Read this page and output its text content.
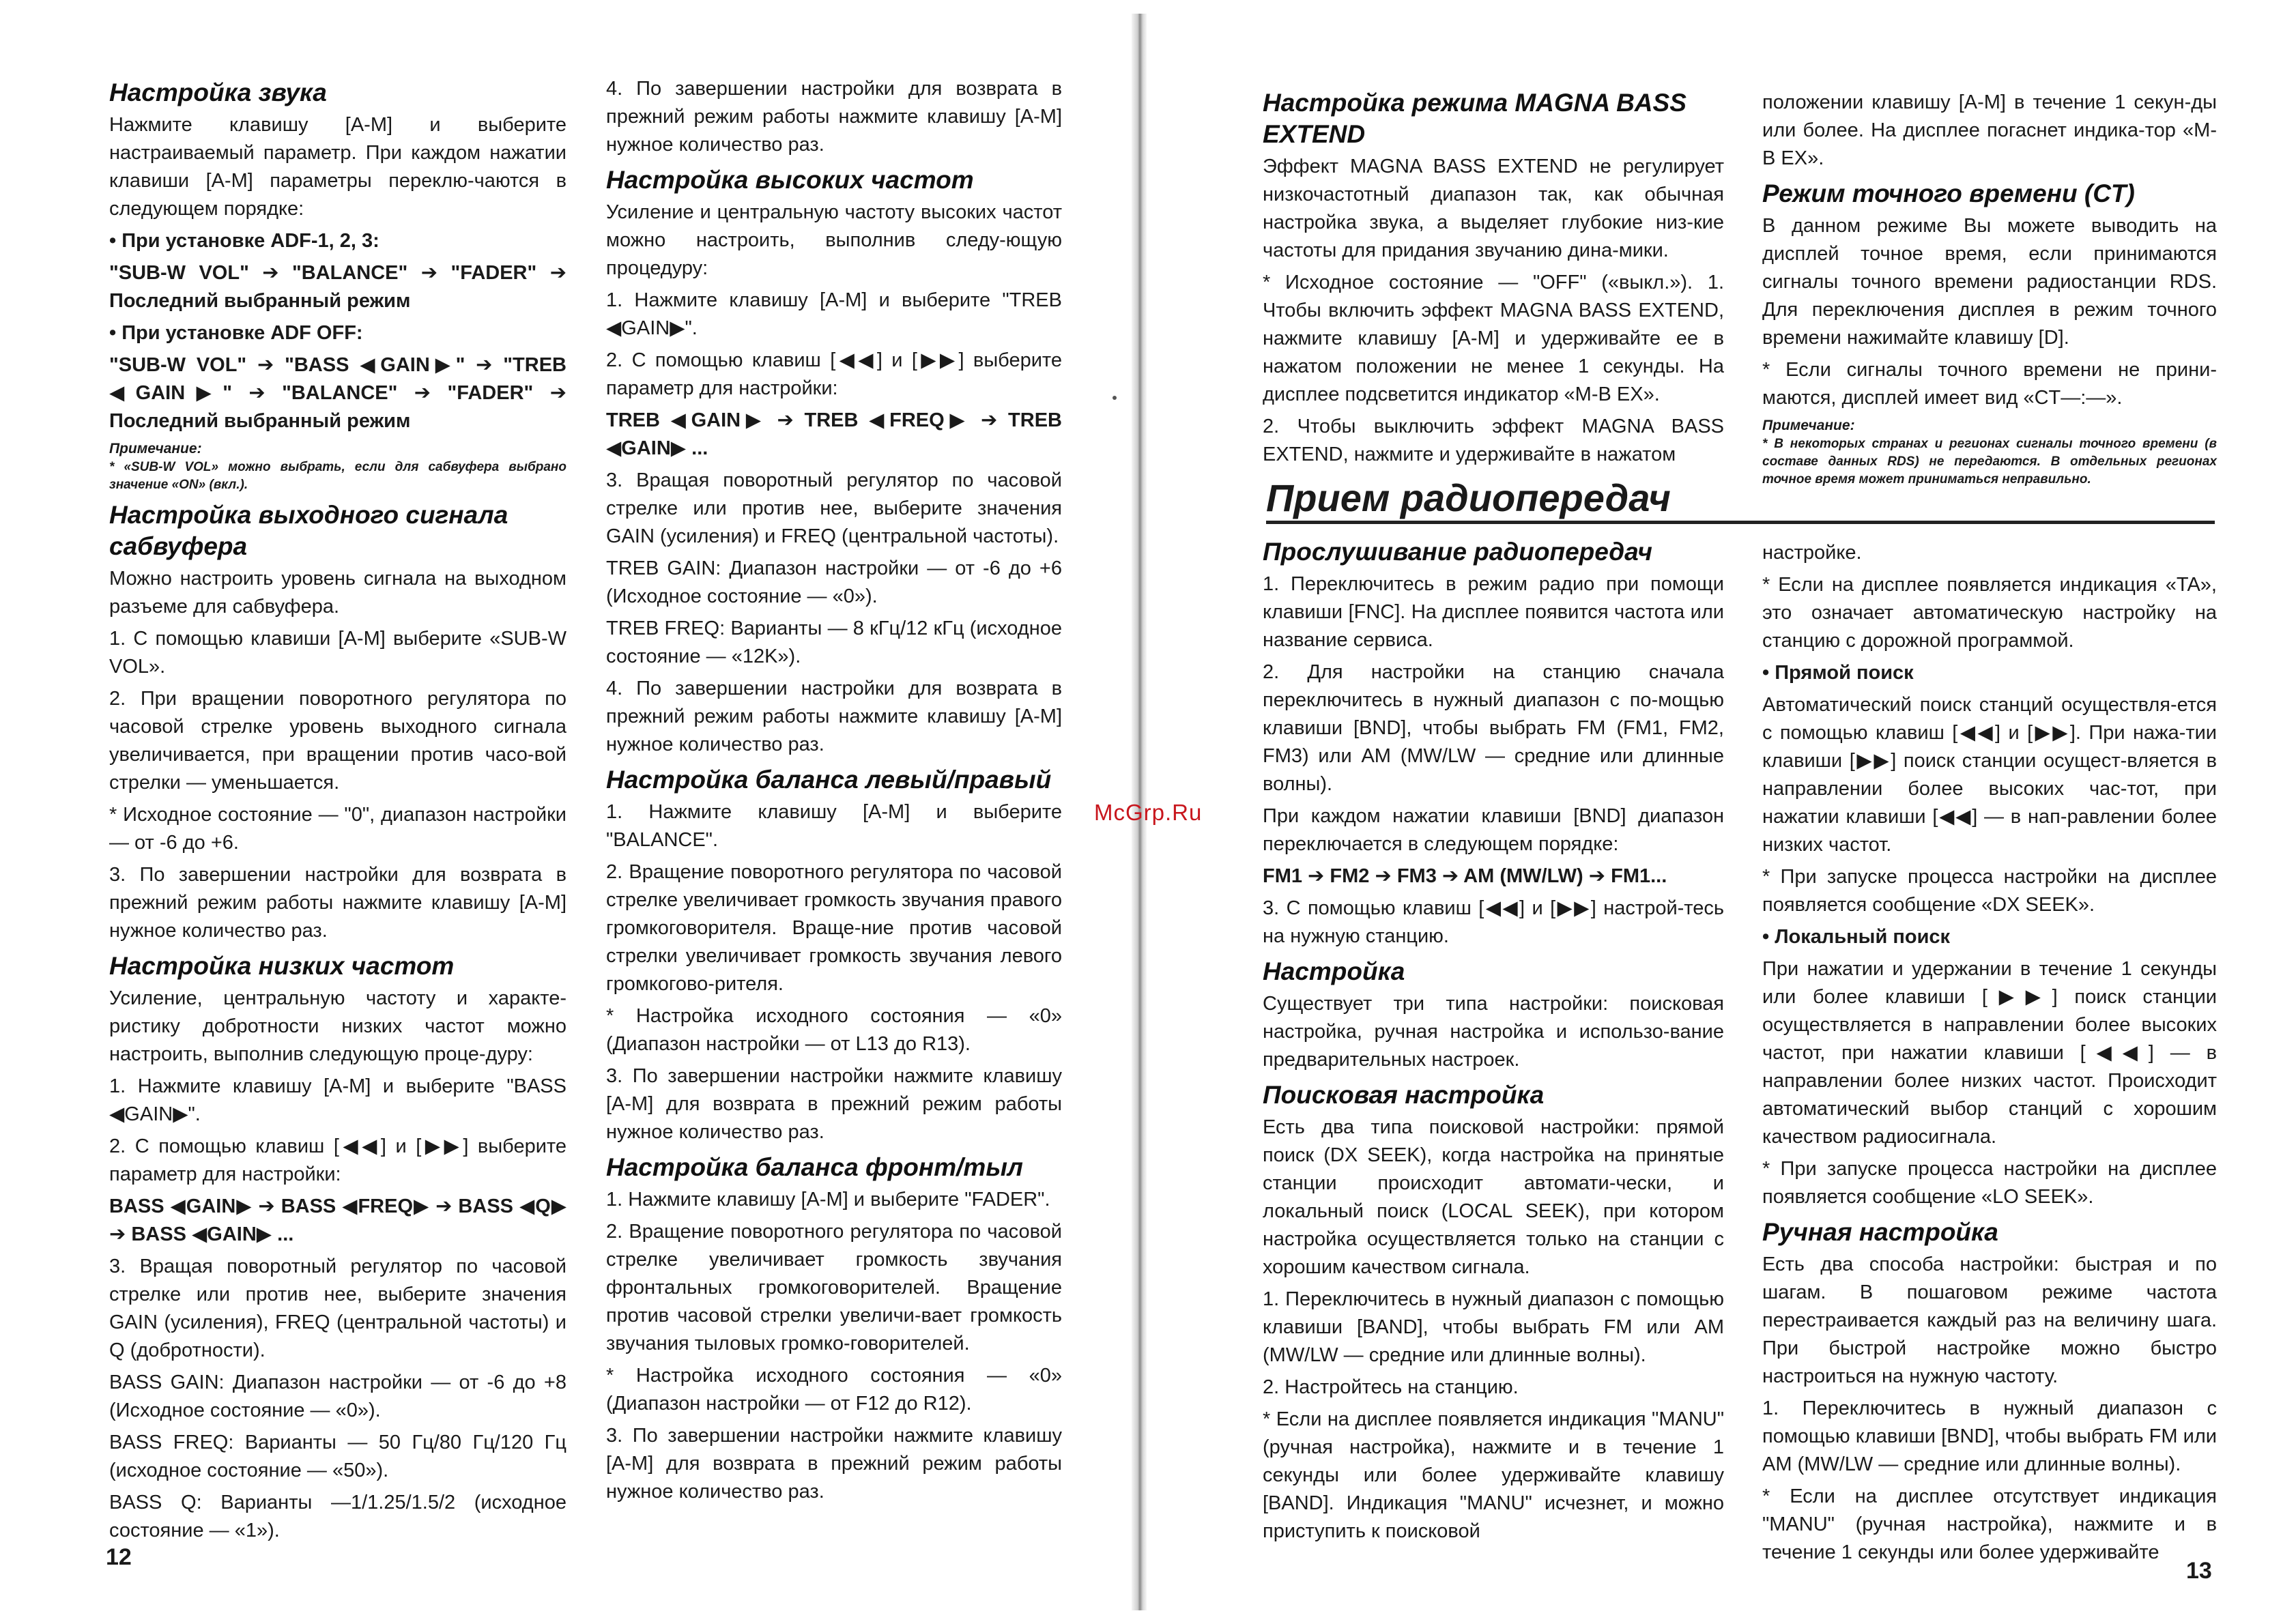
McGrp.Ru
Настройка звука

Нажмите клавишу [A-M] и выберите настраиваемый параметр. При каждом нажатии клавиши [A-M] параметры переклю-чаются в следующем порядке:

• При установке ADF-1, 2, 3:

"SUB-W VOL" ➔ "BALANCE" ➔ "FADER" ➔ Последний выбранный режим

• При установке ADF OFF:

"SUB-W VOL" ➔ "BASS ◀GAIN▶" ➔ "TREB ◀GAIN▶" ➔ "BALANCE" ➔ "FADER" ➔ Последний выбранный режим

Примечание:

* «SUB-W VOL» можно выбрать, если для сабвуфера выбрано значение «ON» (вкл.).

Настройка выходного сигнала сабвуфера

Можно настроить уровень сигнала на выходном разъеме для сабвуфера.

1. С помощью клавиши [A-M] выберите «SUB-W VOL».

2. При вращении поворотного регулятора по часовой стрелке уровень выходного сигнала увеличивается, при вращении против часо-вой стрелки — уменьшается.

* Исходное состояние — "0", диапазон настройки — от -6 до +6.

3. По завершении настройки для возврата в прежний режим работы нажмите клавишу [A-M] нужное количество раз.

Настройка низких частот

Усиление, центральную частоту и характе-ристику добротности низких частот можно настроить, выполнив следующую проце-дуру:

1. Нажмите клавишу [A-M] и выберите "BASS ◀GAIN▶".

2. С помощью клавиш [◀◀] и [▶▶] выберите параметр для настройки:

BASS ◀GAIN▶ ➔ BASS ◀FREQ▶ ➔ BASS ◀Q▶ ➔ BASS ◀GAIN▶ ...

3. Вращая поворотный регулятор по часовой стрелке или против нее, выберите значения GAIN (усиления), FREQ (центральной частоты) и Q (добротности).

BASS GAIN: Диапазон настройки — от -6 до +8 (Исходное состояние — «0»).

BASS FREQ: Варианты — 50 Гц/80 Гц/120 Гц (исходное состояние — «50»).

BASS Q: Варианты —1/1.25/1.5/2 (исходное состояние — «1»).

4. По завершении настройки для возврата в прежний режим работы нажмите клавишу [A-M] нужное количество раз.

Настройка высоких частот

Усиление и центральную частоту высоких частот можно настроить, выполнив следу-ющую процедуру:

1. Нажмите клавишу [A-M] и выберите "TREB ◀GAIN▶".

2. С помощью клавиш [◀◀] и [▶▶] выберите параметр для настройки:

TREB ◀GAIN▶ ➔ TREB ◀FREQ▶ ➔ TREB ◀GAIN▶ ...

3. Вращая поворотный регулятор по часовой стрелке или против нее, выберите значения GAIN (усиления) и FREQ (центральной частоты).

TREB GAIN: Диапазон настройки — от -6 до +6 (Исходное состояние — «0»).

TREB FREQ: Варианты — 8 кГц/12 кГц (исходное состояние — «12K»).

4. По завершении настройки для возврата в прежний режим работы нажмите клавишу [A-M] нужное количество раз.

Настройка баланса левый/правый

1. Нажмите клавишу [A-M] и выберите "BALANCE".

2. Вращение поворотного регулятора по часовой стрелке увеличивает громкость звучания правого громкоговорителя. Враще-ние против часовой стрелки увеличивает громкость звучания левого громкогово-рителя.

* Настройка исходного состояния — «0» (Диапазон настройки — от L13 до R13).

3. По завершении настройки нажмите клавишу [A-M] для возврата в прежний режим работы нужное количество раз.

Настройка баланса фронт/тыл

1. Нажмите клавишу [A-M] и выберите "FADER".

2. Вращение поворотного регулятора по часовой стрелке увеличивает громкость звучания фронтальных громкоговорителей. Вращение против часовой стрелки увеличи-вает громкость звучания тыловых громко-говорителей.

* Настройка исходного состояния — «0» (Диапазон настройки — от F12 до R12).

3. По завершении настройки нажмите клавишу [A-M] для возврата в прежний режим работы нужное количество раз.

12
Настройка режима MAGNA BASS EXTEND

Эффект MAGNA BASS EXTEND не регулирует низкочастотный диапазон так, как обычная настройка звука, а выделяет глубокие низ-кие частоты для придания звучанию дина-мики.

* Исходное состояние — "OFF" («выкл.»). 1. Чтобы включить эффект MAGNA BASS EXTEND, нажмите клавишу [A-M] и удерживайте ее в нажатом положении не менее 1 секунды. На дисплее подсветится индикатор «M-B EX».

2. Чтобы выключить эффект MAGNA BASS EXTEND, нажмите и удерживайте в нажатом

положении клавишу [A-M] в течение 1 секун-ды или более. На дисплее погаснет индика-тор «M-B EX».

Режим точного времени (CT)

В данном режиме Вы можете выводить на дисплей точное время, если принимаются сигналы точного времени радиостанции RDS. Для переключения дисплея в режим точного времени нажимайте клавишу [D].

* Если сигналы точного времени не прини-маются, дисплей имеет вид «CT—:—».

Примечание:

* В некоторых странах и регионах сигналы точного времени (в составе данных RDS) не передаются. В отдельных регионах точное время может приниматься неправильно.

Прием радиопередач
Прослушивание радиопередач

1. Переключитесь в режим радио при помощи клавиши [FNC]. На дисплее появится частота или название сервиса.

2. Для настройки на станцию сначала переключитесь в нужный диапазон с по-мощью клавиши [BND], чтобы выбрать FM (FM1, FM2, FM3) или AM (MW/LW — средние или длинные волны).

При каждом нажатии клавиши [BND] диапазон переключается в следующем порядке:

FM1 ➔ FM2 ➔ FM3 ➔ AM (MW/LW) ➔ FM1...

3. С помощью клавиш [◀◀] и [▶▶] настрой-тесь на нужную станцию.

Настройка

Существует три типа настройки: поисковая настройка, ручная настройка и использо-вание предварительных настроек.

Поисковая настройка

Есть два типа поисковой настройки: прямой поиск (DX SEEK), когда настройка на принятые станции происходит автомати-чески, и локальный поиск (LOCAL SEEK), при котором настройка осуществляется только на станции с хорошим качеством сигнала.

1. Переключитесь в нужный диапазон с помощью клавиши [BAND], чтобы выбрать FM или AM (MW/LW — средние или длинные волны).

2. Настройтесь на станцию.

* Если на дисплее появляется индикация "MANU" (ручная настройка), нажмите и в течение 1 секунды или более удерживайте клавишу [BAND]. Индикация "MANU" исчезнет, и можно приступить к поисковой

настройке.

* Если на дисплее появляется индикация «TA», это означает автоматическую настройку на станцию с дорожной программой.

• Прямой поиск

Автоматический поиск станций осуществля-ется с помощью клавиш [◀◀] и [▶▶]. При нажа-тии клавиши [▶▶] поиск станции осущест-вляется в направлении более высоких час-тот, при нажатии клавиши [◀◀] — в нап-равлении более низких частот.

* При запуске процесса настройки на дисплее появляется сообщение «DX SEEK».

• Локальный поиск

При нажатии и удержании в течение 1 секунды или более клавиши [▶▶] поиск станции осуществляется в направлении более высоких частот, при нажатии клавиши [◀◀] — в направлении более низких частот. Происходит автоматический выбор станций с хорошим качеством радиосигнала.

* При запуске процесса настройки на дисплее появляется сообщение «LO SEEK».

Ручная настройка

Есть два способа настройки: быстрая и по шагам. В пошаговом режиме частота перестраивается каждый раз на величину шага. При быстрой настройке можно быстро настроиться на нужную частоту.

1. Переключитесь в нужный диапазон с помощью клавиши [BND], чтобы выбрать FM или AM (MW/LW — средние или длинные волны).

* Если на дисплее отсутствует индикация "MANU" (ручная настройка), нажмите и в течение 1 секунды или более удерживайте

13
